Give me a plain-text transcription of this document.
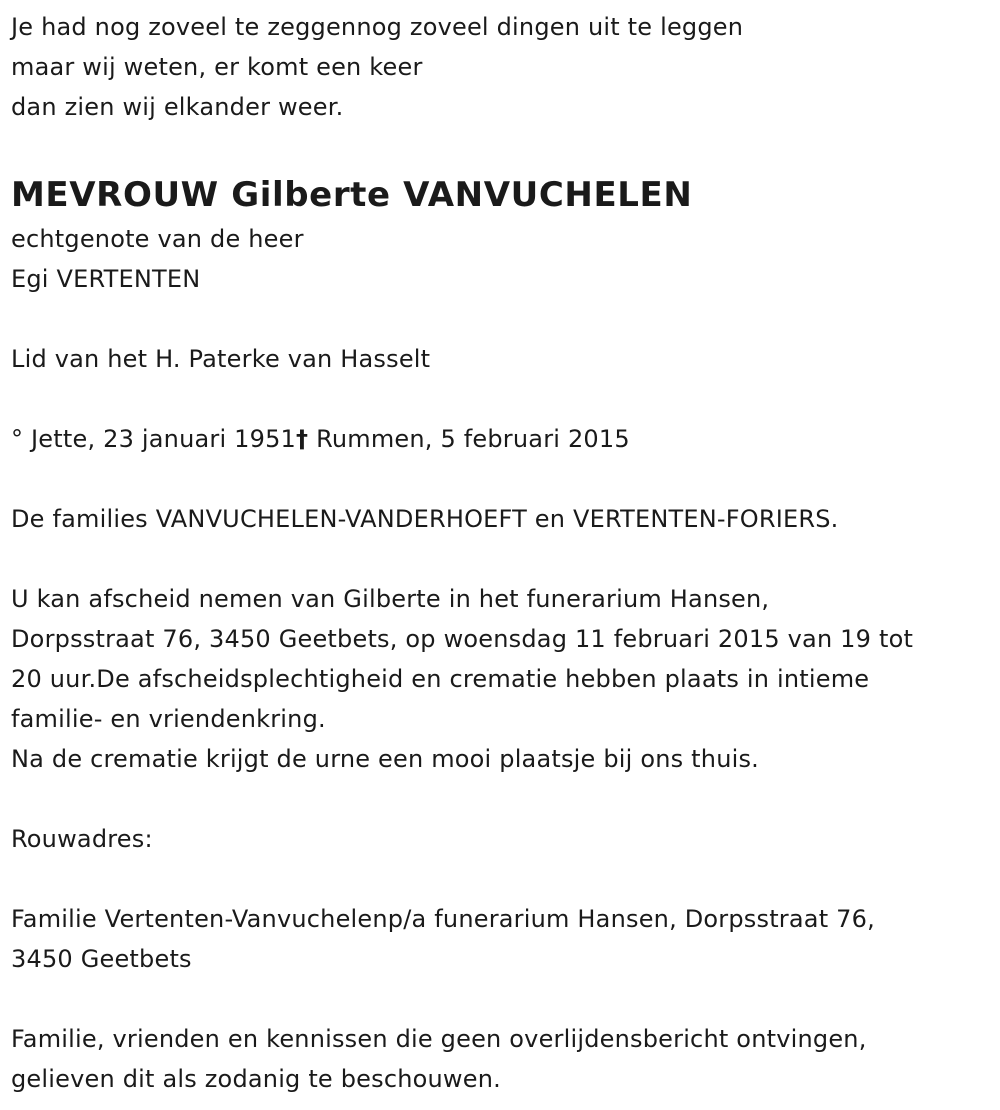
Je had nog zoveel te zeggennog zoveel dingen uit te leggen
maar wij weten, er komt een keer
dan zien wij elkander weer.
MEVROUW Gilberte VANVUCHELEN
echtgenote van de heer
Egi VERTENTEN
Lid van het H. Paterke van Hasselt
° Jette, 23 januari 1951† Rummen, 5 februari 2015
De families VANVUCHELEN-VANDERHOEFT en VERTENTEN-FORIERS.
U kan afscheid nemen van Gilberte in het funerarium Hansen,
Dorpsstraat 76, 3450 Geetbets, op woensdag 11 februari 2015 van 19 tot
20 uur.De afscheidsplechtigheid en crematie hebben plaats in intieme
familie- en vriendenkring.
Na de crematie krijgt de urne een mooi plaatsje bij ons thuis.
Rouwadres:
Familie Vertenten-Vanvuchelenp/a funerarium Hansen, Dorpsstraat 76,
3450 Geetbets
Familie, vrienden en kennissen die geen overlijdensbericht ontvingen,
gelieven dit als zodanig te beschouwen.
